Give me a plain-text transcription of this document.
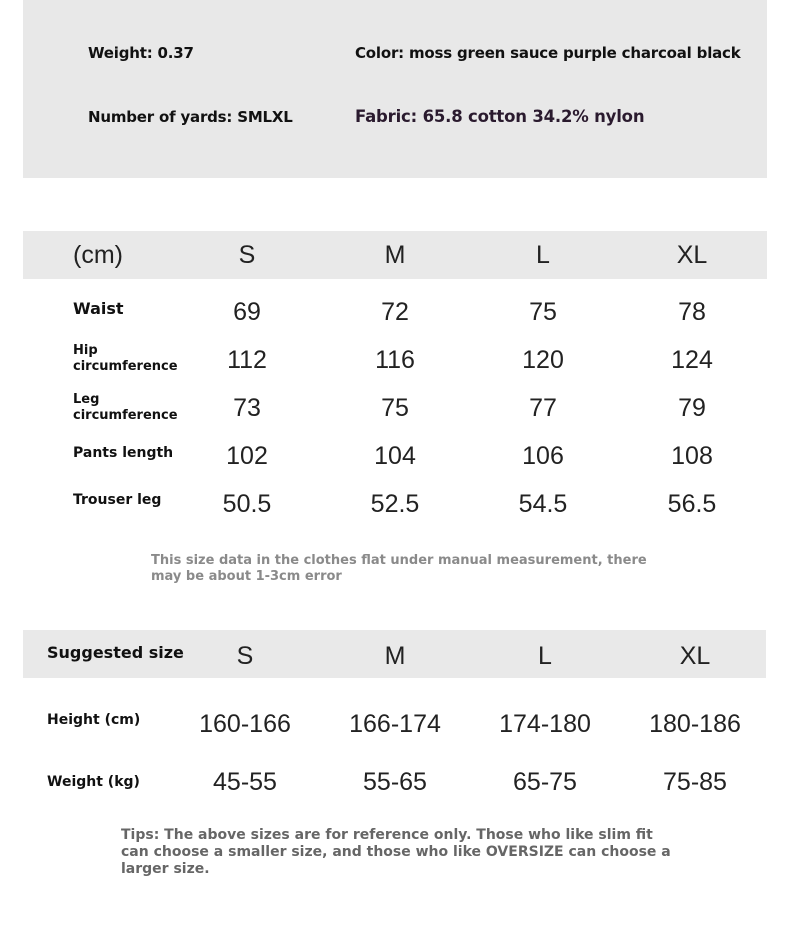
Weight: 0.37	Color: moss green sauce purple charcoal black
Number of yards: SMLXL	Fabric: 65.8 cotton 34.2% nylon
(cm)	S	M	L	XL
Waist	69	72	75	78
Hip circumference 112	116	120	124
Leg circumference 73	75	77	79
Pants length 102	104	106	108
Trouser leg 50.5	52.5	54.5	56.5
This size data in the clothes flat under manual measurement, there may be about 1-3cm error
Suggested size S	M	L	XL
Height (cm) 160-166 166-174 174-180 180-186
Weight (kg)	45-55	55-65	65-75	75-85
Tips: The above sizes are for reference only. Those who like slim fit can choose a smaller size, and those who like OVERSIZE can choose a larger size.
